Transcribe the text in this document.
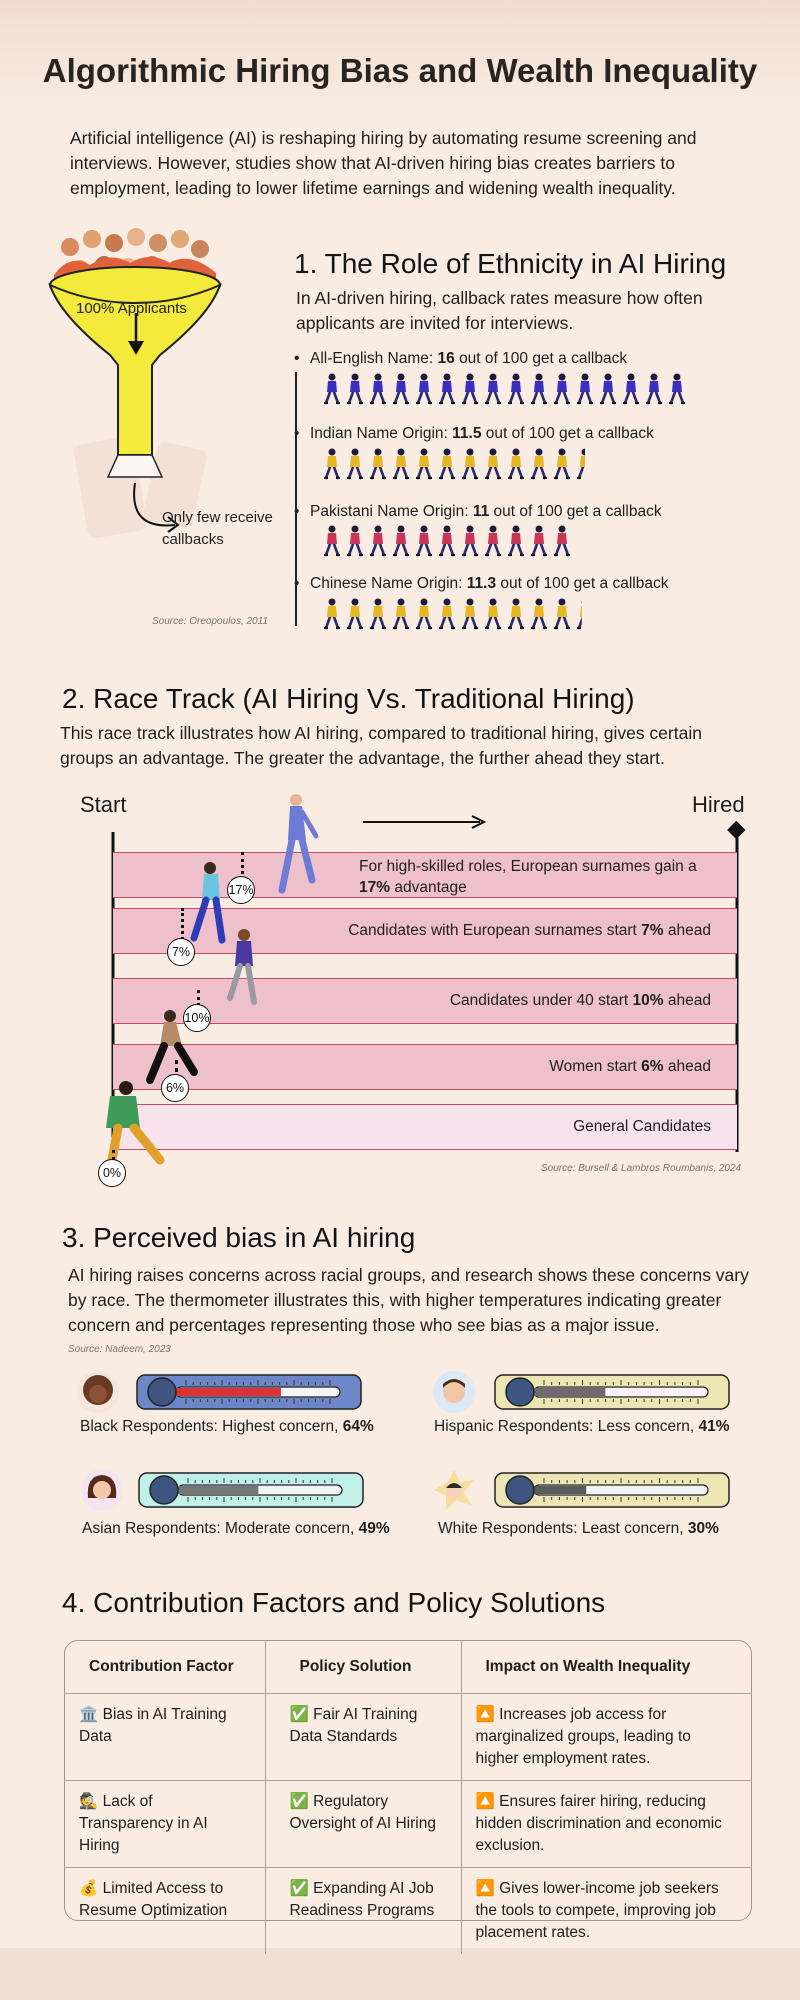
Algorithmic Hiring Bias and Wealth Inequality

Artificial intelligence (AI) is reshaping hiring by automating resume screening and interviews. However, studies show that AI-driven hiring bias creates barriers to employment, leading to lower lifetime earnings and widening wealth inequality.

100% Applicants
Only few receive callbacks
Source: Oreopoulos, 2011
1. The Role of Ethnicity in AI Hiring

In AI-driven hiring, callback rates measure how often applicants are invited for interviews.

• All-English Name: 16 out of 100 get a callback
• Indian Name Origin: 11.5 out of 100 get a callback
• Pakistani Name Origin: 11 out of 100 get a callback
• Chinese Name Origin: 11.3 out of 100 get a callback
2. Race Track (AI Hiring Vs. Traditional Hiring)

This race track illustrates how AI hiring, compared to traditional hiring, gives certain groups an advantage. The greater the advantage, the further ahead they start.

Start	Hired
For high-skilled roles, European surnames gain a 17% advantage
Candidates with European surnames start 7% ahead
Candidates under 40 start 10% ahead
Women start 6% ahead
General Candidates
17%
7%
10%
6%
0%	Source: Bursell & Lambros Roumbanis, 2024
3. Perceived bias in AI hiring

AI hiring raises concerns across racial groups, and research shows these concerns vary by race. The thermometer illustrates this, with higher temperatures indicating greater concern and percentages representing those who see bias as a major issue.

Source: Nadeem, 2023
Black Respondents: Highest concern, 64%	Hispanic Respondents: Less concern, 41%
Asian Respondents: Moderate concern, 49%	White Respondents: Least concern, 30%
4. Contribution Factors and Policy Solutions
Contribution Factor	Policy Solution	Impact on Wealth Inequality
🏛️ Bias in AI Training Data	✅ Fair AI Training Data Standards	🔼 Increases job access for marginalized groups, leading to higher employment rates.
🕵️ Lack of Transparency in AI Hiring	✅ Regulatory Oversight of AI Hiring	🔼 Ensures fairer hiring, reducing hidden discrimination and economic exclusion.
💰 Limited Access to Resume Optimization	✅ Expanding AI Job Readiness Programs	🔼 Gives lower-income job seekers the tools to compete, improving job placement rates.
